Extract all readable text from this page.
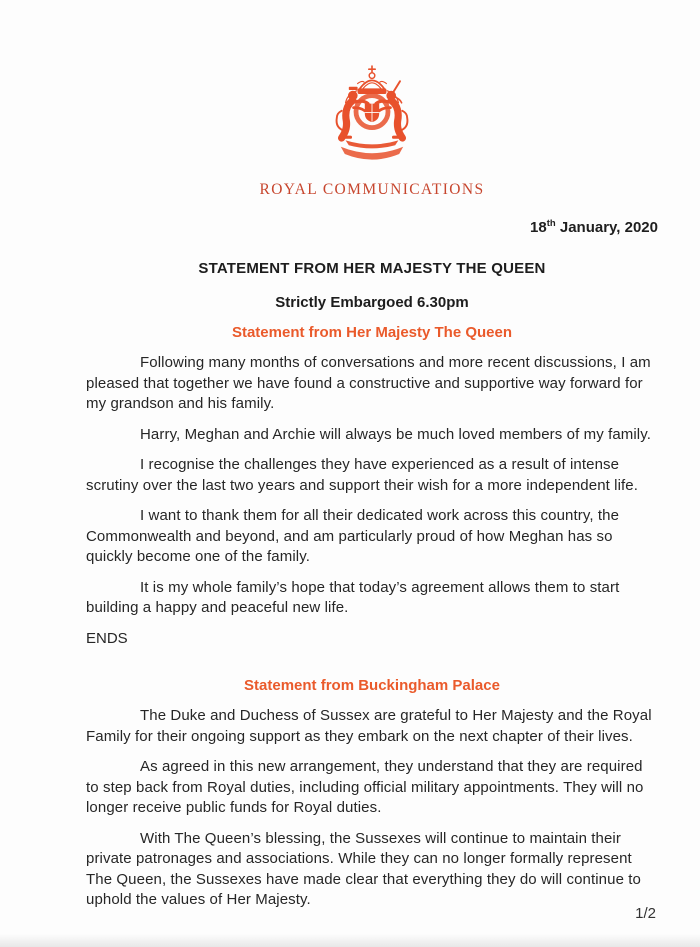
ROYAL COMMUNICATIONS
18th January, 2020
STATEMENT FROM HER MAJESTY THE QUEEN
Strictly Embargoed 6.30pm
Statement from Her Majesty The Queen

Following many months of conversations and more recent discussions, I am pleased that together we have found a constructive and supportive way forward for my grandson and his family.

Harry, Meghan and Archie will always be much loved members of my family.

I recognise the challenges they have experienced as a result of intense scrutiny over the last two years and support their wish for a more independent life.

I want to thank them for all their dedicated work across this country, the Commonwealth and beyond, and am particularly proud of how Meghan has so quickly become one of the family.

It is my whole family’s hope that today’s agreement allows them to start building a happy and peaceful new life.

ENDS
Statement from Buckingham Palace

The Duke and Duchess of Sussex are grateful to Her Majesty and the Royal Family for their ongoing support as they embark on the next chapter of their lives.

As agreed in this new arrangement, they understand that they are required to step back from Royal duties, including official military appointments. They will no longer receive public funds for Royal duties.

With The Queen’s blessing, the Sussexes will continue to maintain their private patronages and associations. While they can no longer formally represent The Queen, the Sussexes have made clear that everything they do will continue to uphold the values of Her Majesty.

1/2
